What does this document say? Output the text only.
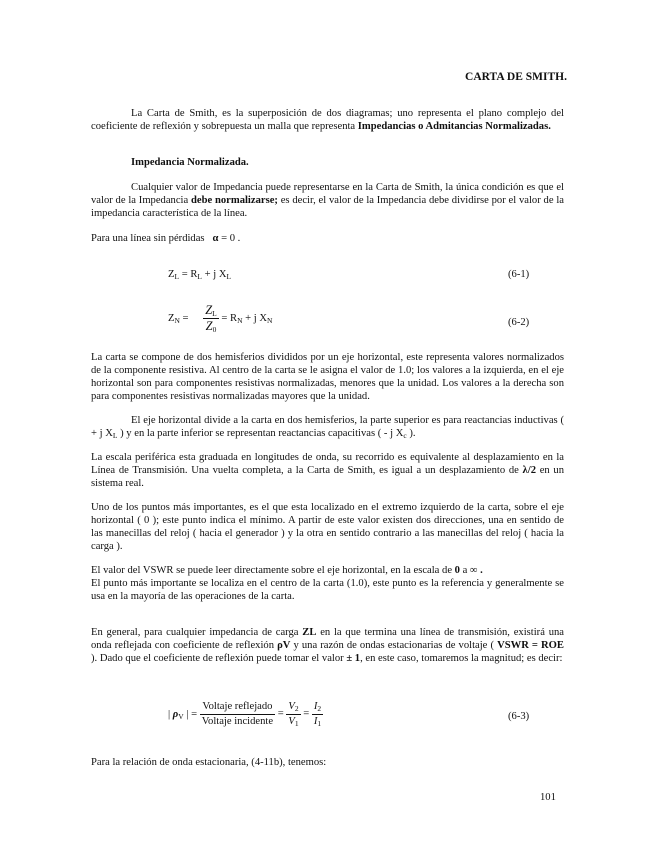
CARTA DE SMITH.
La Carta de Smith, es la superposición de dos diagramas; uno representa el plano complejo del coeficiente de reflexión y sobrepuesta un malla que representa Impedancias o Admitancias Normalizadas.
Impedancia Normalizada.
Cualquier valor de Impedancia puede representarse en la Carta de Smith, la única condición es que el valor de la Impedancia debe normalizarse; es decir, el valor de la Impedancia debe dividirse por el valor de la impedancia característica de la línea.
Para una línea sin pérdidas α = 0 .
$Z_L = R_L + j$ $X_L$	(6-1)
$Z_N = \frac{Z_L}{Z_0} = R_N + j$ $X_N$	(6-2)
La carta se compone de dos hemisferios divididos por un eje horizontal, este representa valores normalizados de la componente resistiva. Al centro de la carta se le asigna el valor de 1.0; los valores a la izquierda, en el eje horizontal son para componentes resistivas normalizadas, menores que la unidad. Los valores a la derecha son para componentes resistivas normalizadas mayores que la unidad.
El eje horizontal divide a la carta en dos hemisferios, la parte superior es para reactancias inductivas ( + j $X_L$ ) y en la parte inferior se representan reactancias capacitivas ( - j $X_c$ ).
La escala periférica esta graduada en longitudes de onda, su recorrido es equivalente al desplazamiento en la Línea de Transmisión. Una vuelta completa, a la Carta de Smith, es igual a un desplazamiento de λ/2 en un sistema real.
Uno de los puntos más importantes, es el que esta localizado en el extremo izquierdo de la carta, sobre el eje horizontal ( 0 ); este punto indica el mínimo. A partir de este valor existen dos direcciones, una en sentido de las manecillas del reloj ( hacia el generador ) y la otra en sentido contrario a las manecillas del reloj ( hacia la carga ).
El valor del VSWR se puede leer directamente sobre el eje horizontal, en la escala de 0 a ∞ .
El punto más importante se localiza en el centro de la carta (1.0), este punto es la referencia y generalmente se usa en la mayoría de las operaciones de la carta.
En general, para cualquier impedancia de carga ZL en la que termina una línea de transmisión, existirá una onda reflejada con coeficiente de reflexión ρV y una razón de ondas estacionarias de voltaje ( VSWR = ROE ). Dado que el coeficiente de reflexión puede tomar el valor ± 1, en este caso, tomaremos la magnitud; es decir:
| $\rho_V$ | = $\frac{\text{Voltaje reflejado}}{\text{Voltaje incidente}} = \frac{V_2}{V_1} = \frac{I_2}{I_1}$	(6-3)
Para la relación de onda estacionaria, (4-11b), tenemos:
101
